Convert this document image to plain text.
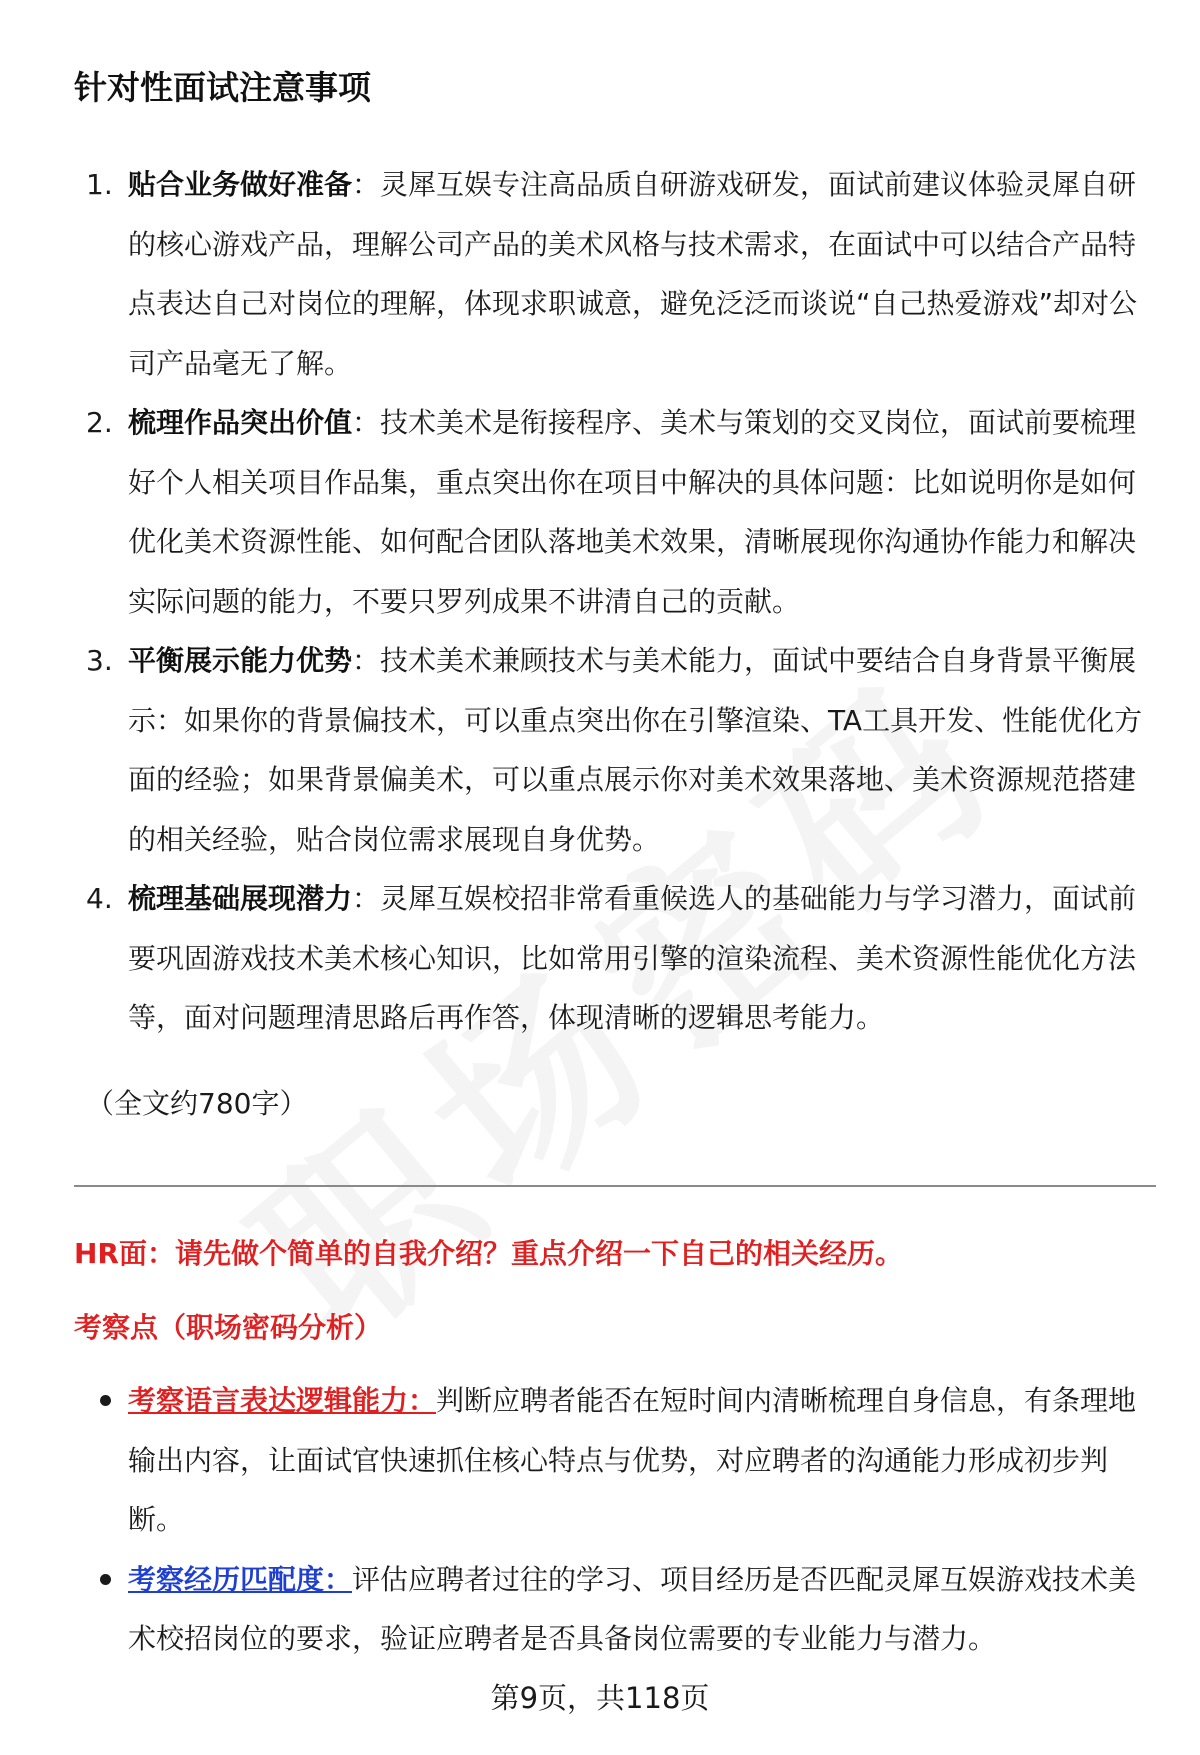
针对性面试注意事项
1. 贴合业务做好准备：灵犀互娱专注高品质自研游戏研发，面试前建议体验灵犀自研的核心游戏产品，理解公司产品的美术风格与技术需求，在面试中可以结合产品特点表达自己对岗位的理解，体现求职诚意，避免泛泛而谈说“自己热爱游戏”却对公司产品毫无了解。
2. 梳理作品突出价值：技术美术是衔接程序、美术与策划的交叉岗位，面试前要梳理好个人相关项目作品集，重点突出你在项目中解决的具体问题：比如说明你是如何优化美术资源性能、如何配合团队落地美术效果，清晰展现你沟通协作能力和解决实际问题的能力，不要只罗列成果不讲清自己的贡献。
3. 平衡展示能力优势：技术美术兼顾技术与美术能力，面试中要结合自身背景平衡展示：如果你的背景偏技术，可以重点突出你在引擎渲染、TA工具开发、性能优化方面的经验；如果背景偏美术，可以重点展示你对美术效果落地、美术资源规范搭建的相关经验，贴合岗位需求展现自身优势。
4. 梳理基础展现潜力：灵犀互娱校招非常看重候选人的基础能力与学习潜力，面试前要巩固游戏技术美术核心知识，比如常用引擎的渲染流程、美术资源性能优化方法等，面对问题理清思路后再作答，体现清晰的逻辑思考能力。
（全文约780字）
HR面：请先做个简单的自我介绍？重点介绍一下自己的相关经历。
考察点（职场密码分析）
考察语言表达逻辑能力：判断应聘者能否在短时间内清晰梳理自身信息，有条理地输出内容，让面试官快速抓住核心特点与优势，对应聘者的沟通能力形成初步判断。
考察经历匹配度：评估应聘者过往的学习、项目经历是否匹配灵犀互娱游戏技术美术校招岗位的要求，验证应聘者是否具备岗位需要的专业能力与潜力。
第9页，共118页
